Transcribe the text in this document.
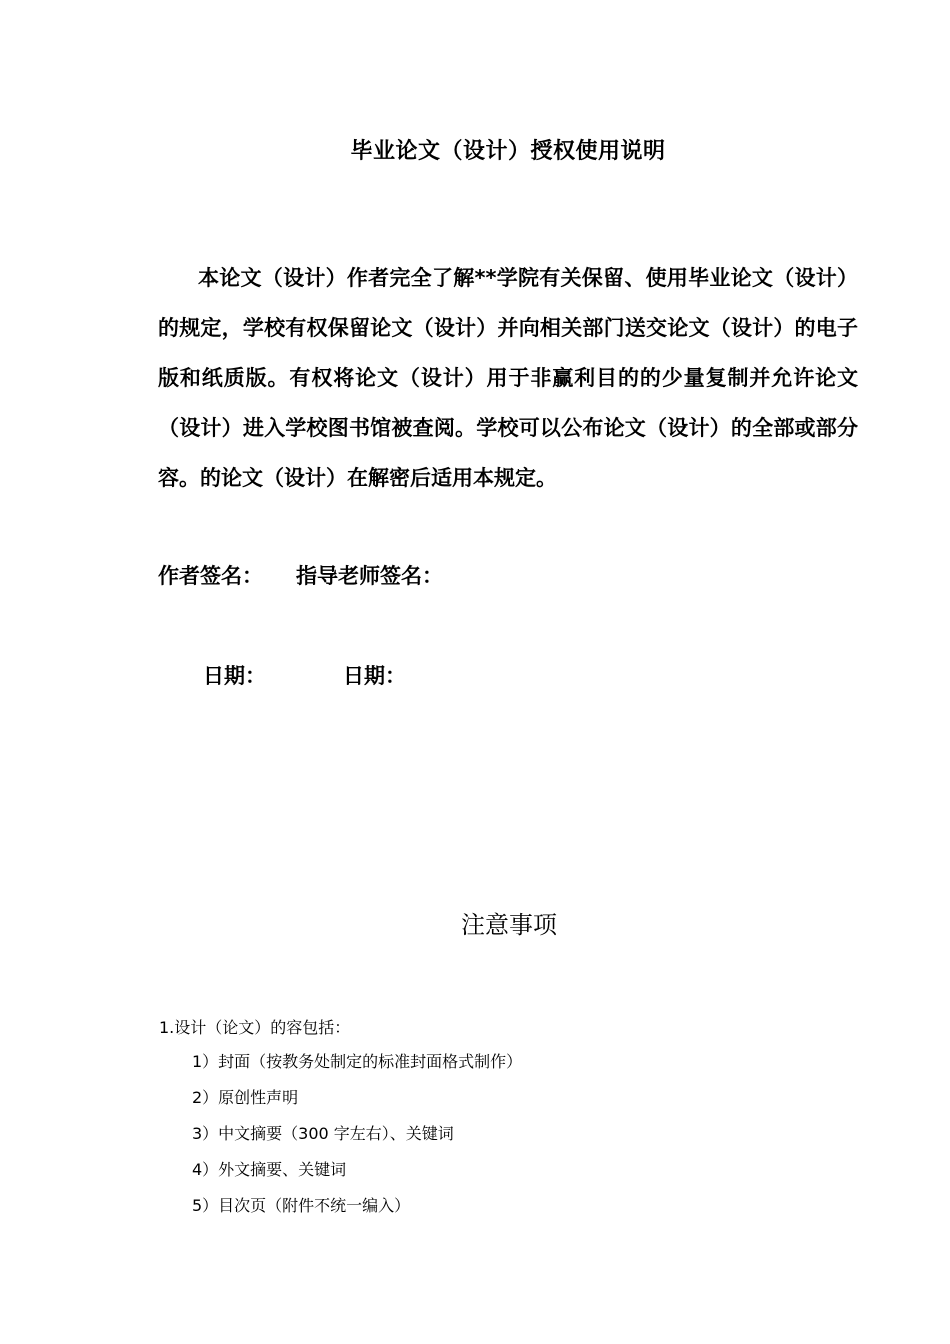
毕业论文（设计）授权使用说明

本论文（设计）作者完全了解**学院有关保留、使用毕业论文（设计）的规定，学校有权保留论文（设计）并向相关部门送交论文（设计）的电子版和纸质版。有权将论文（设计）用于非赢利目的的少量复制并允许论文（设计）进入学校图书馆被查阅。学校可以公布论文（设计）的全部或部分容。的论文（设计）在解密后适用本规定。

作者签名： 指导老师签名：
日期：	日期：
注意事项
1.设计（论文）的容包括：
1）封面（按教务处制定的标准封面格式制作）
2）原创性声明
3）中文摘要（300 字左右）、关键词
4）外文摘要、关键词
5）目次页（附件不统一编入）
